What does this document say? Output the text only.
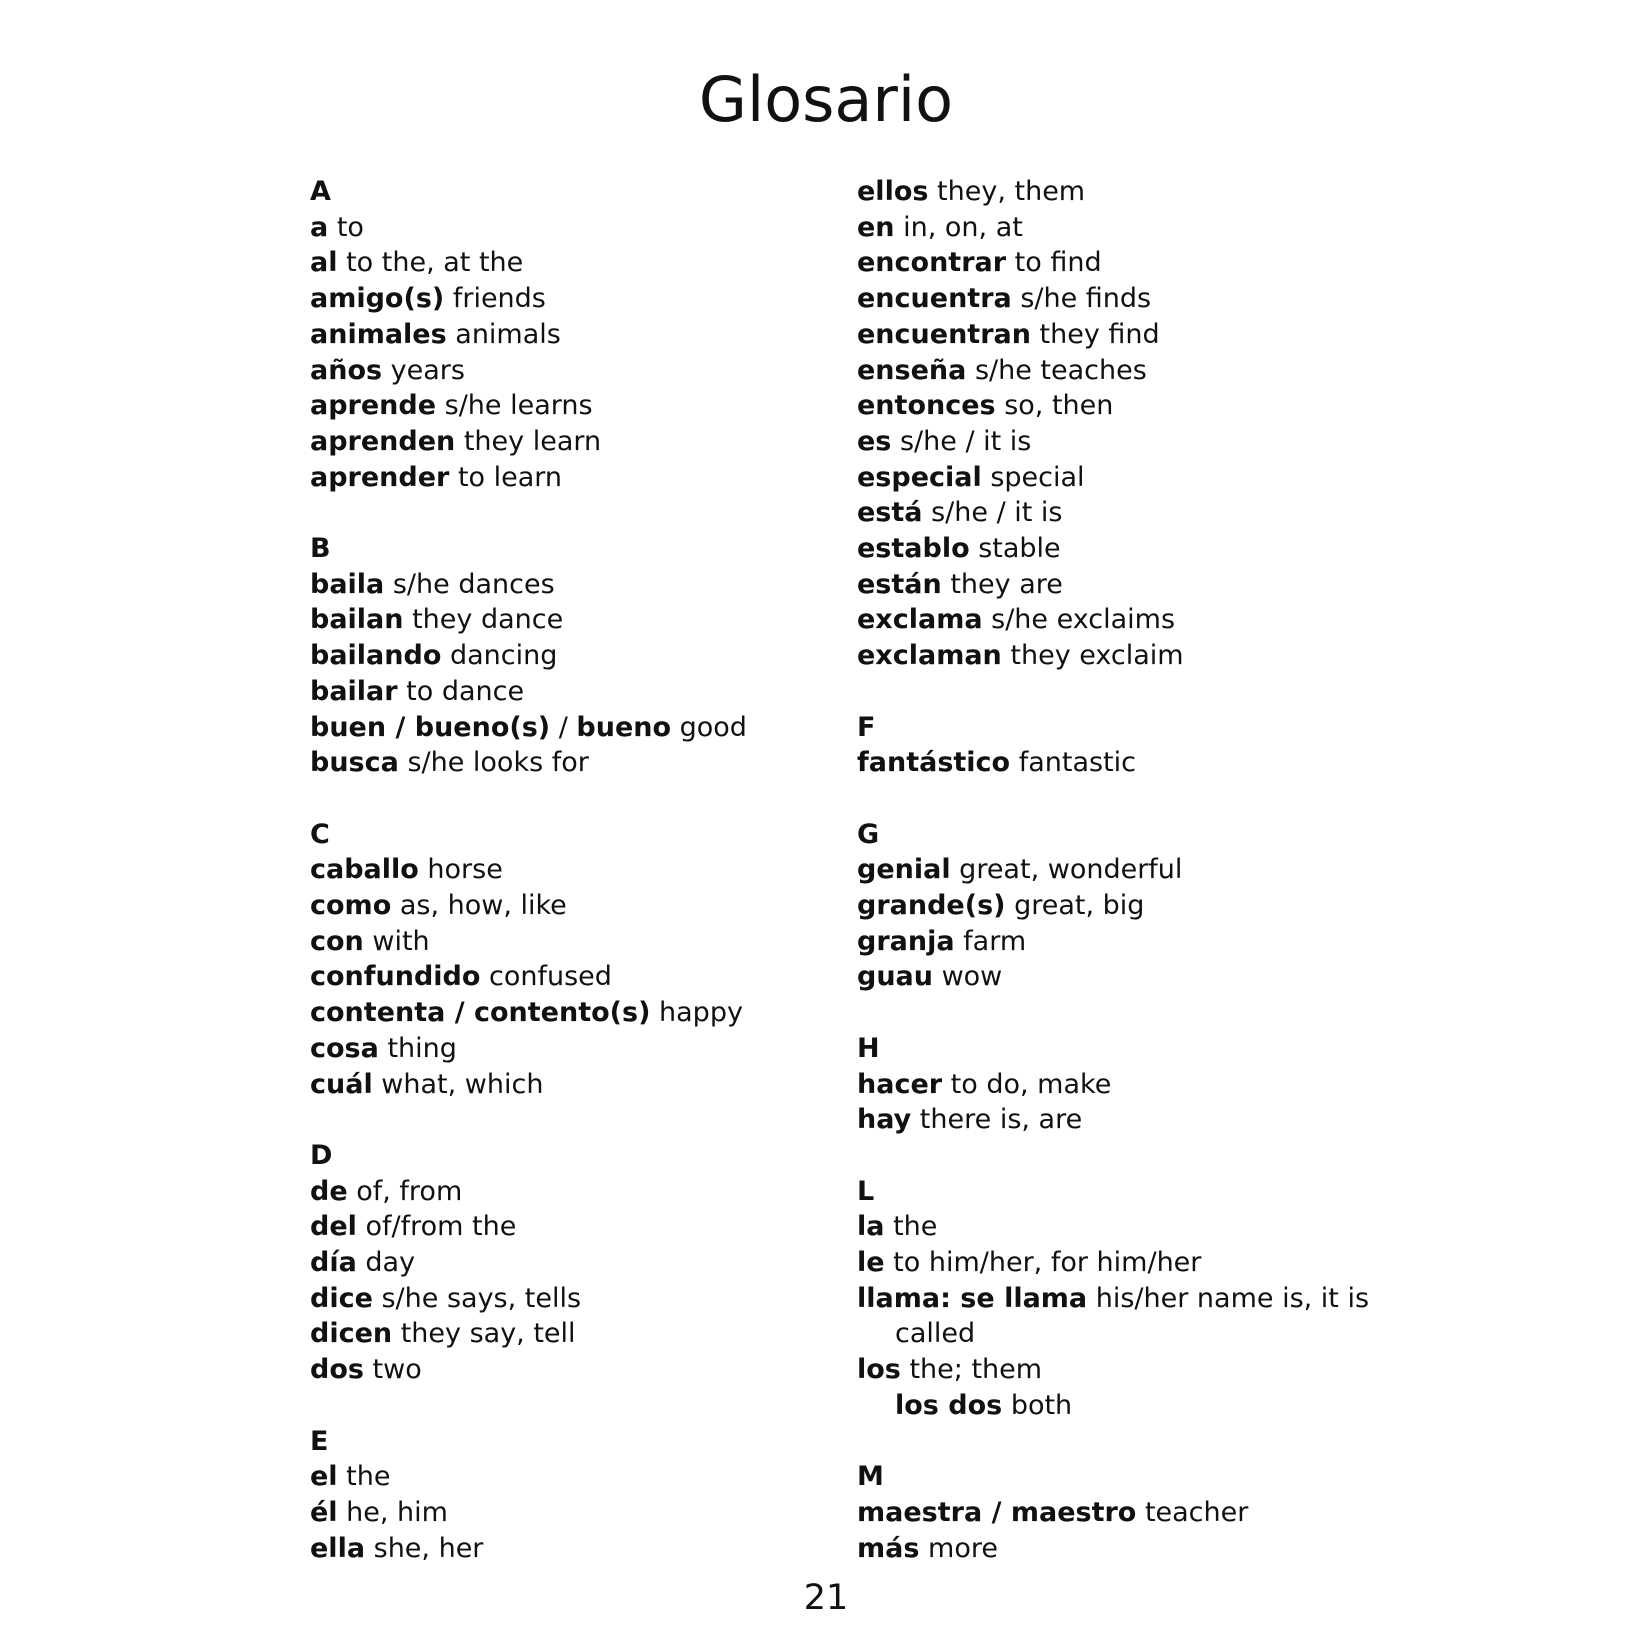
Glosario
A
a to
al to the, at the
amigo(s) friends
animales animals
años years
aprende s/he learns
aprenden they learn
aprender to learn
B
baila s/he dances
bailan they dance
bailando dancing
bailar to dance
buen / bueno(s) / bueno good
busca s/he looks for
C
caballo horse
como as, how, like
con with
confundido confused
contenta / contento(s) happy
cosa thing
cuál what, which
D
de of, from
del of/from the
día day
dice s/he says, tells
dicen they say, tell
dos two
E
el the
él he, him
ella she, her
ellos they, them
en in, on, at
encontrar to find
encuentra s/he finds
encuentran they find
enseña s/he teaches
entonces so, then
es s/he / it is
especial special
está s/he / it is
establo stable
están they are
exclama s/he exclaims
exclaman they exclaim
F
fantástico fantastic
G
genial great, wonderful
grande(s) great, big
granja farm
guau wow
H
hacer to do, make
hay there is, are
L
la the
le to him/her, for him/her
llama: se llama his/her name is, it is
called
los the; them
los dos both
M
maestra / maestro teacher
más more
21
